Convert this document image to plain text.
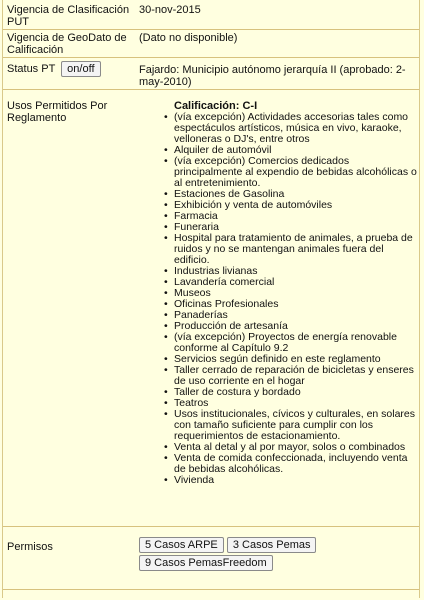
Vigencia de Clasificación PUT
30-nov-2015
Vigencia de GeoDato de Calificación
(Dato no disponible)
Status PT on/off	Fajardo: Municipio autónomo jerarquía II (aprobado: 2-may-2010)
Usos Permitidos Por Reglamento
Calificación: C-I
• (vía excepción) Actividades accesorias tales como espectáculos artísticos, música en vivo, karaoke, velloneras o DJ's, entre otros
• Alquiler de automóvil
• (vía excepción) Comercios dedicados principalmente al expendio de bebidas alcohólicas o al entretenimiento.
• Estaciones de Gasolina
• Exhibición y venta de automóviles
• Farmacia
• Funeraria
• Hospital para tratamiento de animales, a prueba de ruidos y no se mantengan animales fuera del edificio.
• Industrias livianas
• Lavandería comercial
• Museos
• Oficinas Profesionales
• Panaderías
• Producción de artesanía
• (vía excepción) Proyectos de energía renovable conforme al Capítulo 9.2
• Servicios según definido en este reglamento
• Taller cerrado de reparación de bicicletas y enseres de uso corriente en el hogar
• Taller de costura y bordado
• Teatros
• Usos institucionales, cívicos y culturales, en solares con tamaño suficiente para cumplir con los requerimientos de estacionamiento.
• Venta al detal y al por mayor, solos o combinados
• Venta de comida confeccionada, incluyendo venta de bebidas alcohólicas.
• Vivienda
Permisos	5 Casos ARPE 3 Casos Pemas
9 Casos PemasFreedom
